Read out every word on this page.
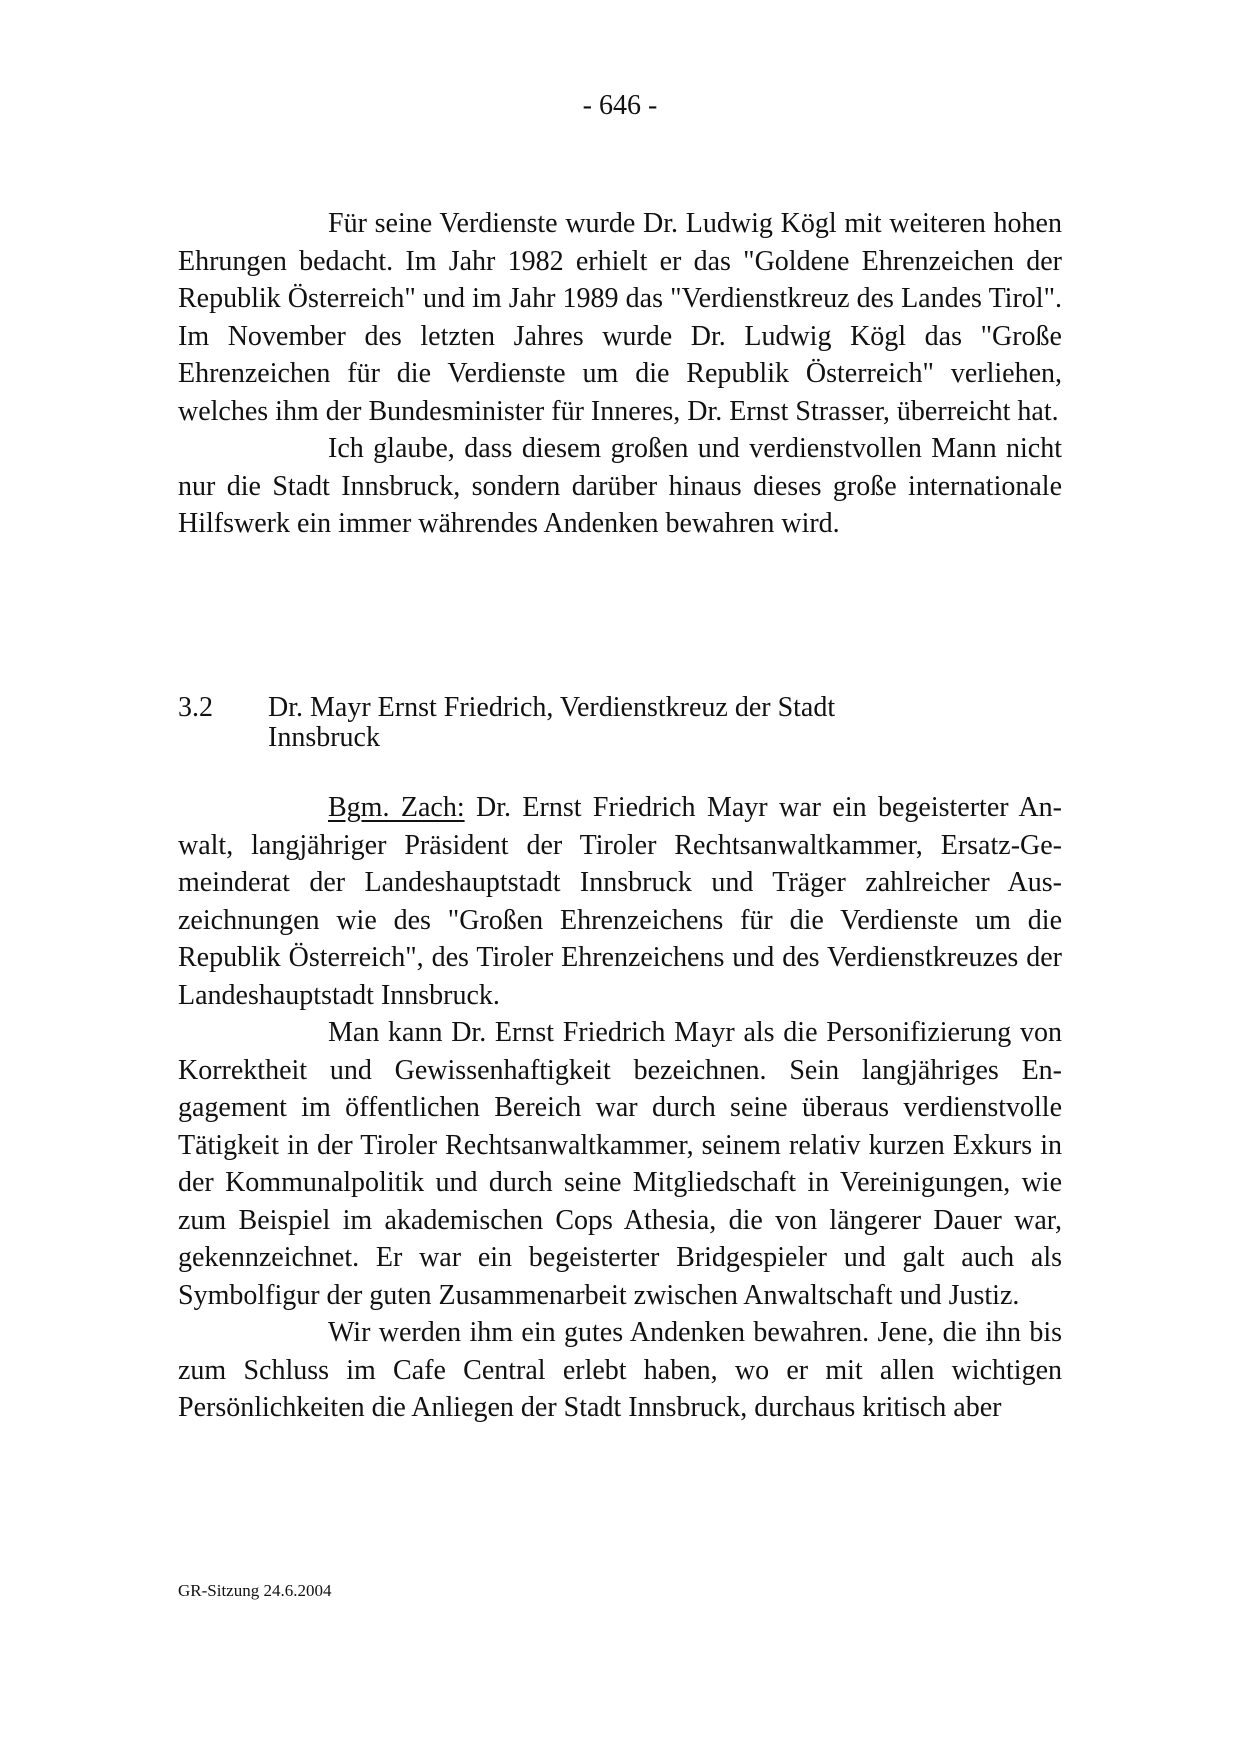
- 646 -

Für seine Verdienste wurde Dr. Ludwig Kögl mit weiteren hohen Ehrungen bedacht. Im Jahr 1982 erhielt er das "Goldene Ehrenzeichen der Republik Österreich" und im Jahr 1989 das "Verdienstkreuz des Landes Tirol". Im November des letzten Jahres wurde Dr. Ludwig Kögl das "Große Ehrenzeichen für die Verdienste um die Republik Österreich" verliehen, welches ihm der Bundesminister für Inneres, Dr. Ernst Strasser, überreicht hat.

Ich glaube, dass diesem großen und verdienstvollen Mann nicht nur die Stadt Innsbruck, sondern darüber hinaus dieses große internationale Hilfswerk ein immer währendes Andenken bewahren wird.

3.2 Dr. Mayr Ernst Friedrich, Verdienstkreuz der Stadt Innsbruck

Bgm. Zach: Dr. Ernst Friedrich Mayr war ein begeisterter Anwalt, langjähriger Präsident der Tiroler Rechtsanwaltkammer, Ersatz-Gemeinderat der Landeshauptstadt Innsbruck und Träger zahlreicher Auszeichnungen wie des "Großen Ehrenzeichens für die Verdienste um die Republik Österreich", des Tiroler Ehrenzeichens und des Verdienstkreuzes der Landeshauptstadt Innsbruck.

Man kann Dr. Ernst Friedrich Mayr als die Personifizierung von Korrektheit und Gewissenhaftigkeit bezeichnen. Sein langjähriges Engagement im öffentlichen Bereich war durch seine überaus verdienstvolle Tätigkeit in der Tiroler Rechtsanwaltkammer, seinem relativ kurzen Exkurs in der Kommunalpolitik und durch seine Mitgliedschaft in Vereinigungen, wie zum Beispiel im akademischen Cops Athesia, die von längerer Dauer war, gekennzeichnet. Er war ein begeisterter Bridgespieler und galt auch als Symbolfigur der guten Zusammenarbeit zwischen Anwaltschaft und Justiz.

Wir werden ihm ein gutes Andenken bewahren. Jene, die ihn bis zum Schluss im Cafe Central erlebt haben, wo er mit allen wichtigen Persönlichkeiten die Anliegen der Stadt Innsbruck, durchaus kritisch aber

GR-Sitzung 24.6.2004
